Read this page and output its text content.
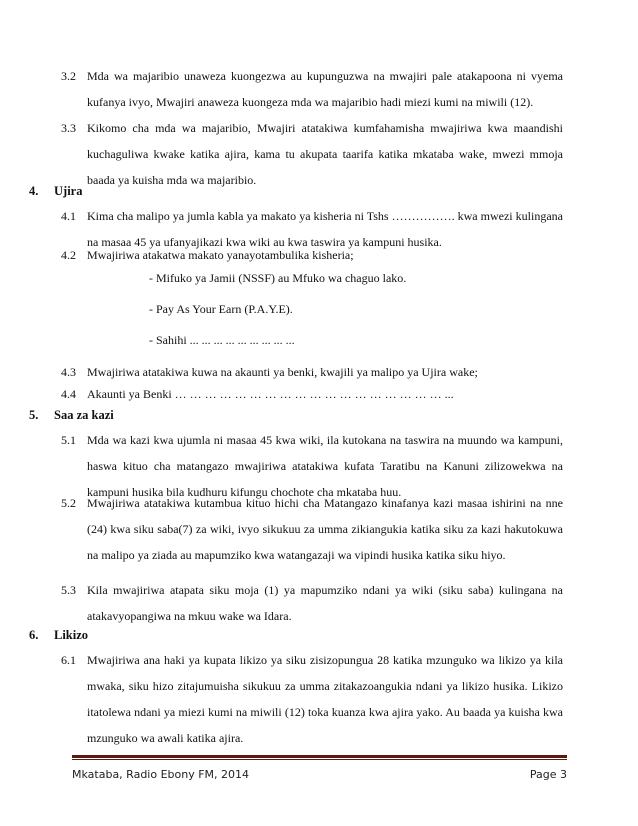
3.2 Mda wa majaribio unaweza kuongezwa au kupunguzwa na mwajiri pale atakapoona ni vyema kufanya ivyo, Mwajiri anaweza kuongeza mda wa majaribio hadi miezi kumi na miwili (12).
3.3 Kikomo cha mda wa majaribio, Mwajiri atatakiwa kumfahamisha mwajiriwa kwa maandishi kuchaguliwa kwake katika ajira, kama tu akupata taarifa katika mkataba wake, mwezi mmoja baada ya kuisha mda wa majaribio.
4. Ujira
4.1 Kima cha malipo ya jumla kabla ya makato ya kisheria ni Tshs ……………. kwa mwezi kulingana na masaa 45 ya ufanyajikazi kwa wiki au kwa taswira ya kampuni husika.
4.2 Mwajiriwa atakatwa makato yanayotambulika kisheria;
- Mifuko ya Jamii (NSSF) au Mfuko wa chaguo lako.
- Pay As Your Earn (P.A.Y.E).
- Sahihi ... ... ... ... ... ... ... ... ...
4.3 Mwajiriwa atatakiwa kuwa na akaunti ya benki, kwajili ya malipo ya Ujira wake;
4.4 Akaunti ya Benki … … … … … … … … … … … … … … … … … … ...
5. Saa za kazi
5.1 Mda wa kazi kwa ujumla ni masaa 45 kwa wiki, ila kutokana na taswira na muundo wa kampuni, haswa kituo cha matangazo mwajiriwa atatakiwa kufata Taratibu na Kanuni zilizowekwa na kampuni husika bila kudhuru kifungu chochote cha mkataba huu.
5.2 Mwajiriwa atatakiwa kutambua kituo hichi cha Matangazo kinafanya kazi masaa ishirini na nne (24) kwa siku saba(7) za wiki, ivyo sikukuu za umma zikiangukia katika siku za kazi hakutokuwa na malipo ya ziada au mapumziko kwa watangazaji wa vipindi husika katika siku hiyo.
5.3 Kila mwajiriwa atapata siku moja (1) ya mapumziko ndani ya wiki (siku saba) kulingana na atakavyopangiwa na mkuu wake wa Idara.
6. Likizo
6.1 Mwajiriwa ana haki ya kupata likizo ya siku zisizopungua 28 katika mzunguko wa likizo ya kila mwaka, siku hizo zitajumuisha sikukuu za umma zitakazoangukia ndani ya likizo husika. Likizo itatolewa ndani ya miezi kumi na miwili (12) toka kuanza kwa ajira yako. Au baada ya kuisha kwa mzunguko wa awali katika ajira.
Mkataba, Radio Ebony FM, 2014	Page 3
